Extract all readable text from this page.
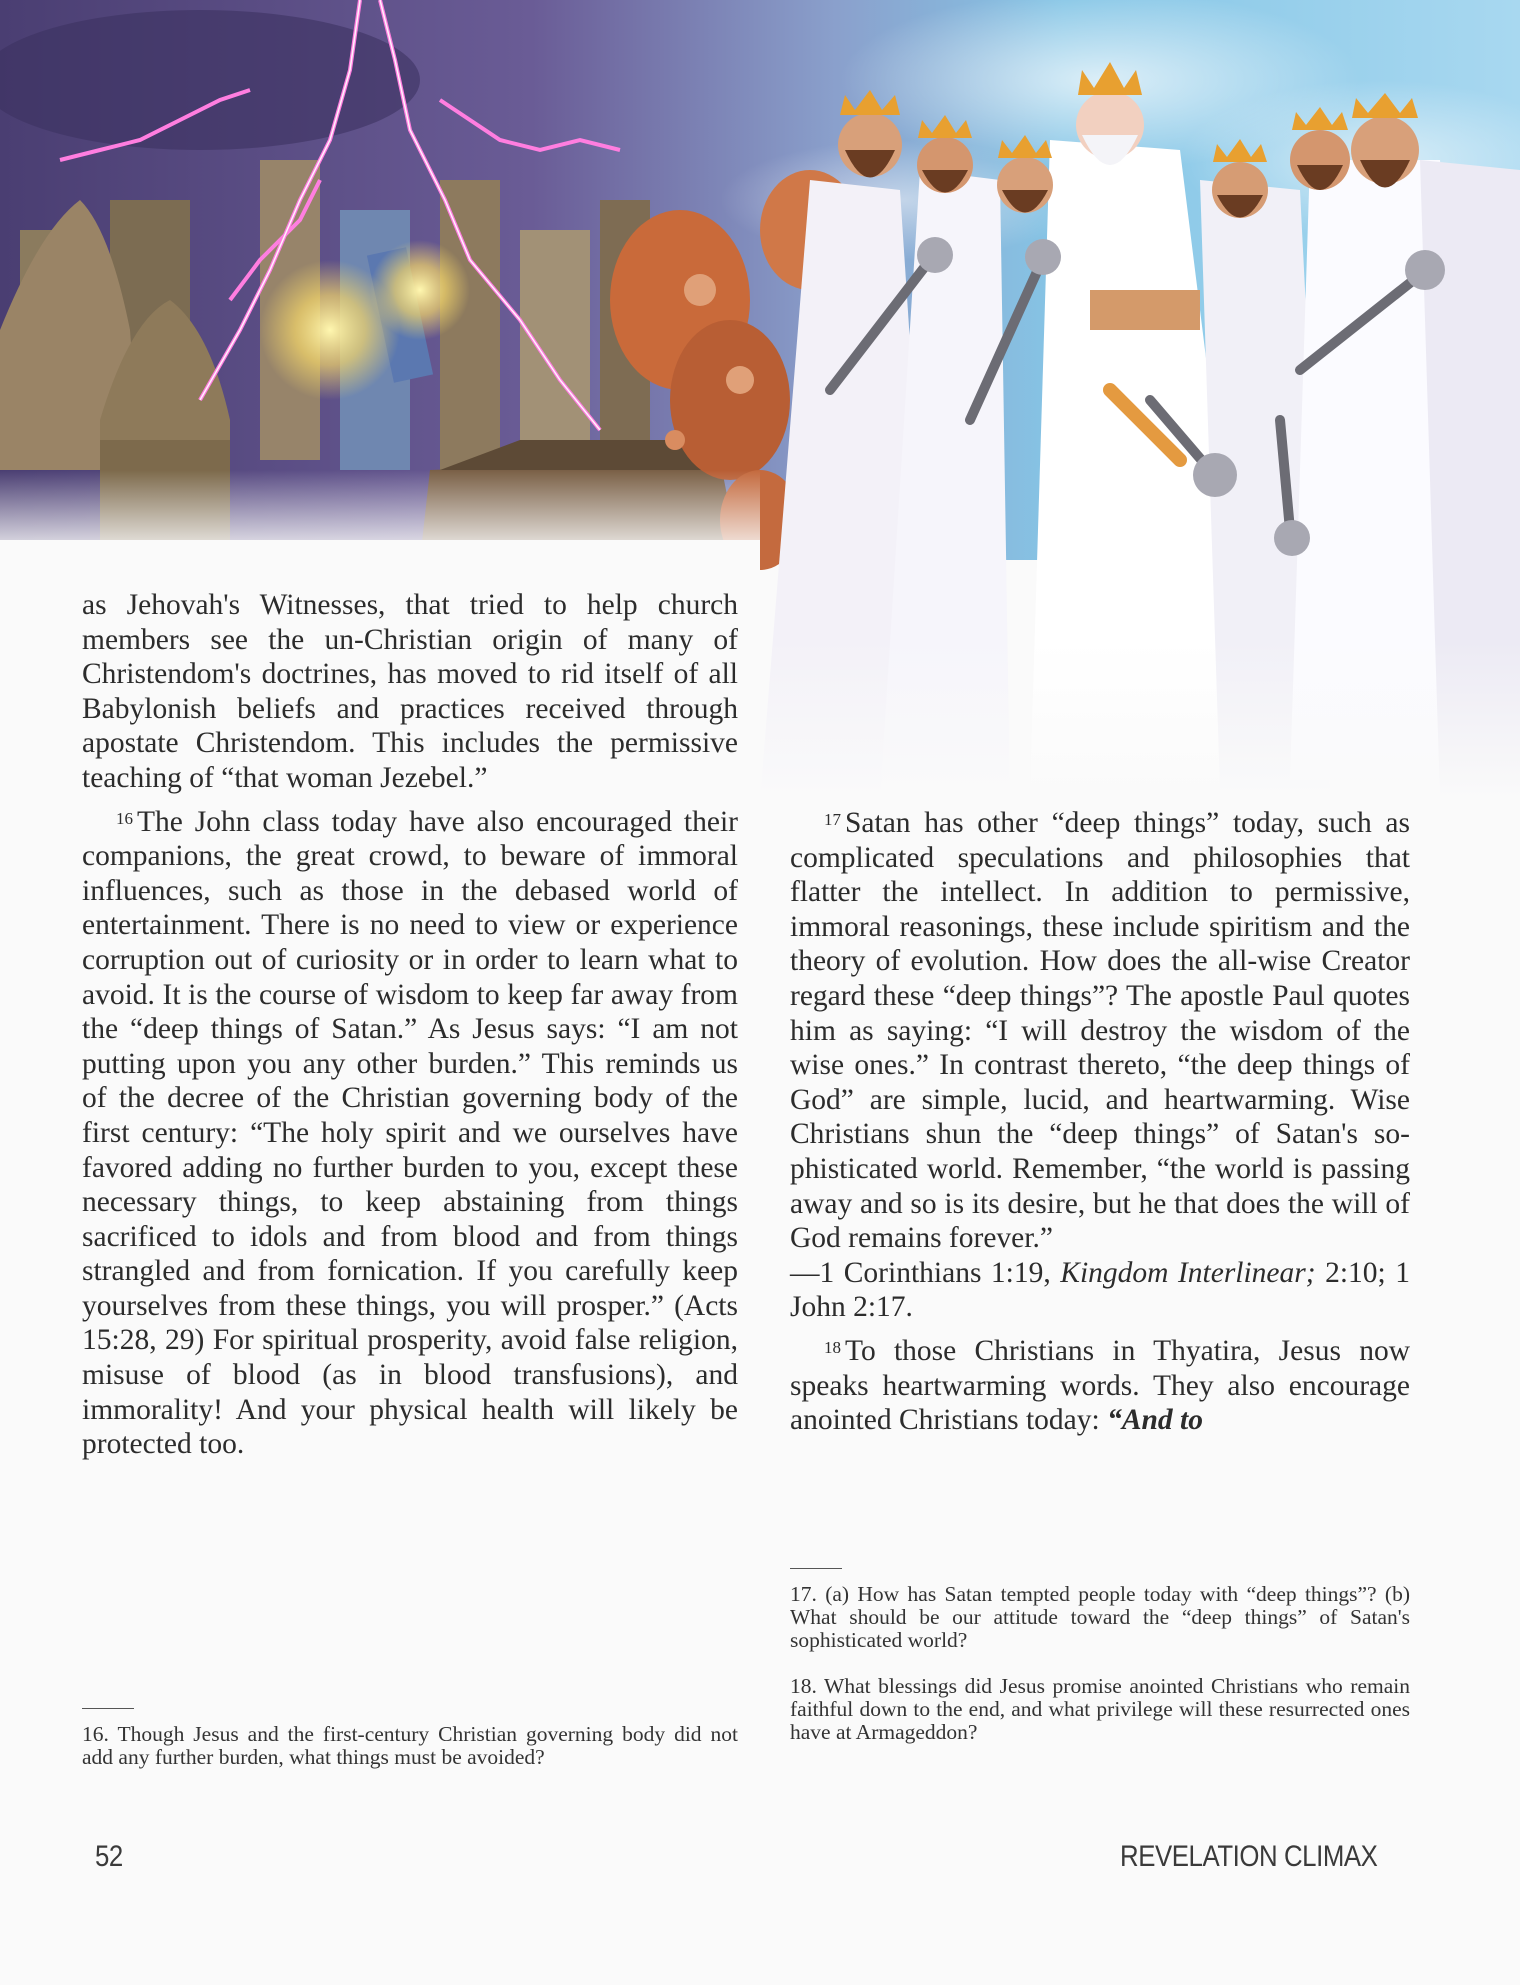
as Jehovah's Witnesses, that tried to help church members see the un-Christian origin of many of Christendom's doctrines, has moved to rid itself of all Babylonish beliefs and practices received through apostate Christendom. This includes the permissive teaching of “that woman Jezebel.”

$^{16}$ The John class today have also encouraged their companions, the great crowd, to beware of immoral influences, such as those in the debased world of entertainment. There is no need to view or experience corruption out of curiosity or in order to learn what to avoid. It is the course of wisdom to keep far away from the “deep things of Satan.” As Jesus says: “I am not putting upon you any other burden.” This reminds us of the decree of the Christian governing body of the first century: “The holy spirit and we ourselves have favored adding no further burden to you, except these necessary things, to keep abstaining from things sacrificed to idols and from blood and from things strangled and from fornication. If you carefully keep yourselves from these things, you will prosper.” (Acts 15:28, 29) For spiritual prosperity, avoid false religion, misuse of blood (as in blood transfusions), and immorality! And your physical health will likely be protected too.

16. Though Jesus and the first-century Christian governing body did not add any further burden, what things must be avoided?

$^{17}$ Satan has other “deep things” today, such as complicated speculations and philosophies that flatter the intellect. In addition to permissive, immoral reasonings, these include spiritism and the theory of evolution. How does the all-wise Creator regard these “deep things”? The apostle Paul quotes him as saying: “I will destroy the wisdom of the wise ones.” In contrast thereto, “the deep things of God” are simple, lucid, and heartwarming. Wise Christians shun the “deep things” of Satan's sophisticated world. Remember, “the world is passing away and so is its desire, but he that does the will of God remains forever.”
—1 Corinthians 1:19, Kingdom Interlinear; 2:10; 1 John 2:17.

$^{18}$ To those Christians in Thyatira, Jesus now speaks heartwarming words. They also encourage anointed Christians today: “And to

17. (a) How has Satan tempted people today with “deep things”? (b) What should be our attitude toward the “deep things” of Satan's sophisticated world?
18. What blessings did Jesus promise anointed Christians who remain faithful down to the end, and what privilege will these resurrected ones have at Armageddon?
52	REVELATION CLIMAX
